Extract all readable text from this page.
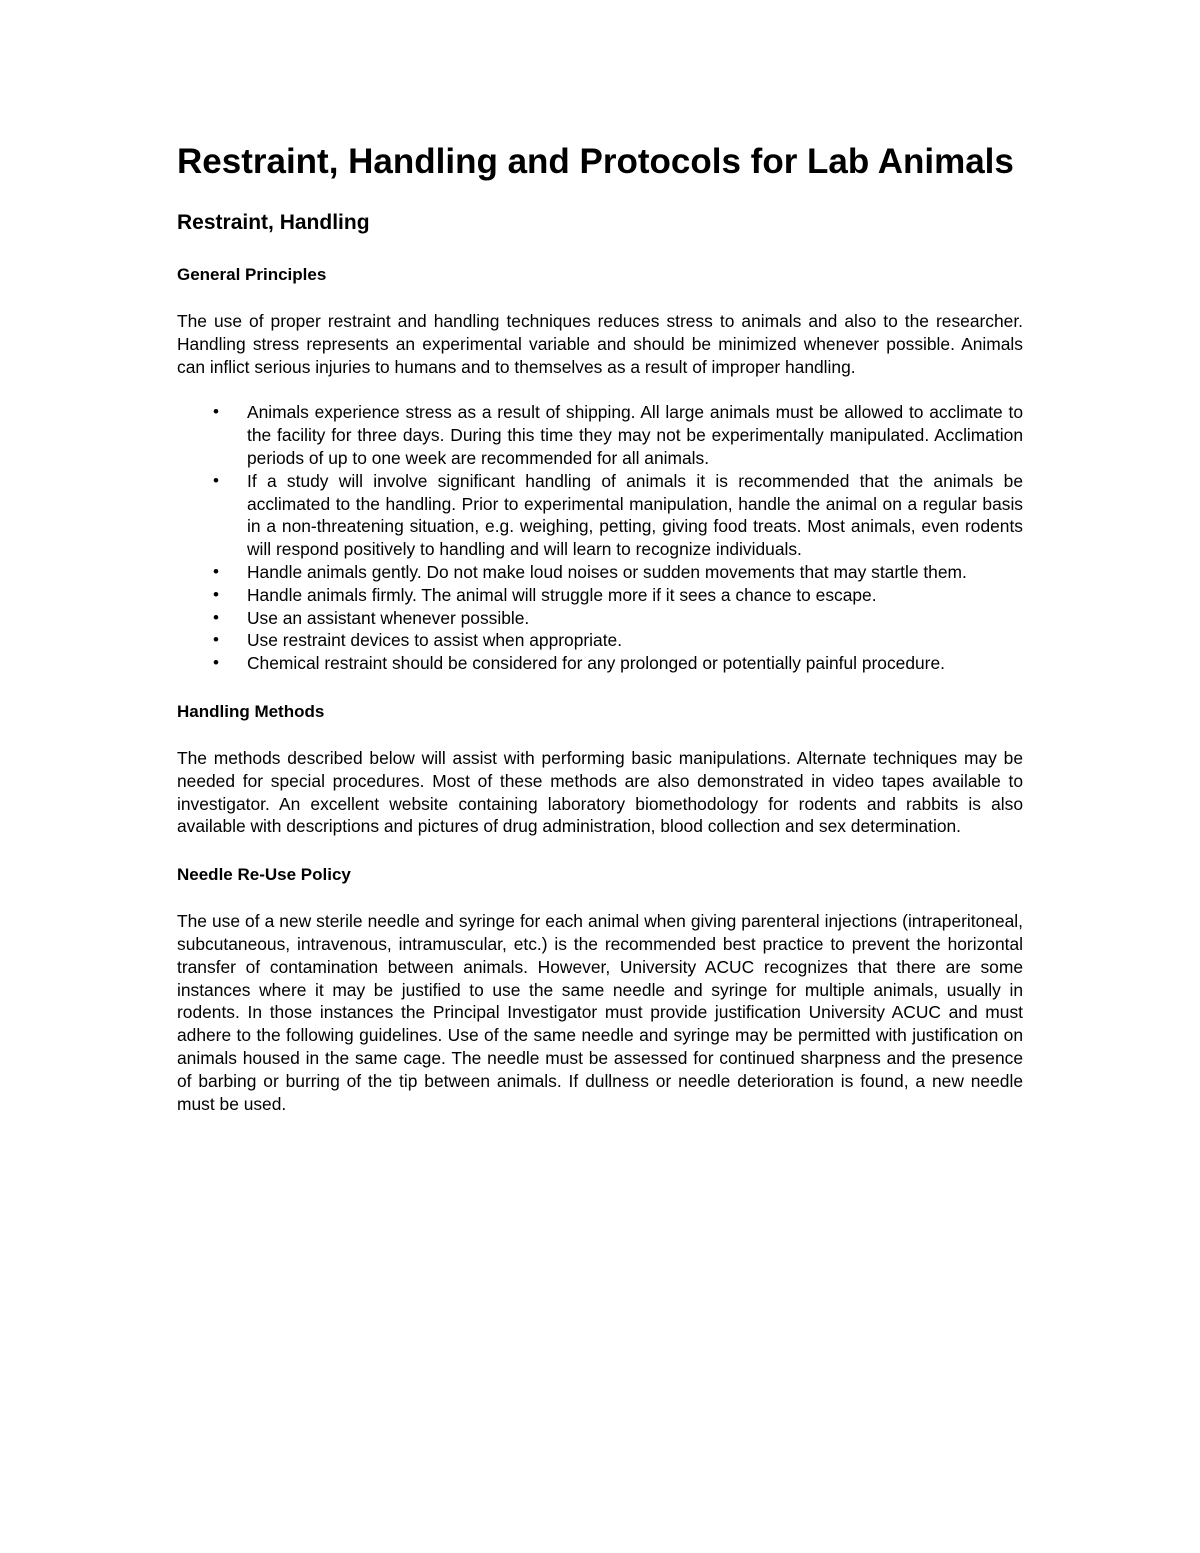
Restraint, Handling and Protocols for Lab Animals
Restraint, Handling
General Principles

The use of proper restraint and handling techniques reduces stress to animals and also to the researcher. Handling stress represents an experimental variable and should be minimized whenever possible. Animals can inflict serious injuries to humans and to themselves as a result of improper handling.

• Animals experience stress as a result of shipping. All large animals must be allowed to acclimate to the facility for three days. During this time they may not be experimentally manipulated. Acclimation periods of up to one week are recommended for all animals.
• If a study will involve significant handling of animals it is recommended that the animals be acclimated to the handling. Prior to experimental manipulation, handle the animal on a regular basis in a non-threatening situation, e.g. weighing, petting, giving food treats. Most animals, even rodents will respond positively to handling and will learn to recognize individuals.
• Handle animals gently. Do not make loud noises or sudden movements that may startle them.
• Handle animals firmly. The animal will struggle more if it sees a chance to escape.
• Use an assistant whenever possible.
• Use restraint devices to assist when appropriate.
• Chemical restraint should be considered for any prolonged or potentially painful procedure.
Handling Methods

The methods described below will assist with performing basic manipulations. Alternate techniques may be needed for special procedures. Most of these methods are also demonstrated in video tapes available to investigator. An excellent website containing laboratory biomethodology for rodents and rabbits is also available with descriptions and pictures of drug administration, blood collection and sex determination.

Needle Re-Use Policy

The use of a new sterile needle and syringe for each animal when giving parenteral injections (intraperitoneal, subcutaneous, intravenous, intramuscular, etc.) is the recommended best practice to prevent the horizontal transfer of contamination between animals. However, University ACUC recognizes that there are some instances where it may be justified to use the same needle and syringe for multiple animals, usually in rodents. In those instances the Principal Investigator must provide justification University ACUC and must adhere to the following guidelines. Use of the same needle and syringe may be permitted with justification on animals housed in the same cage. The needle must be assessed for continued sharpness and the presence of barbing or burring of the tip between animals. If dullness or needle deterioration is found, a new needle must be used.
